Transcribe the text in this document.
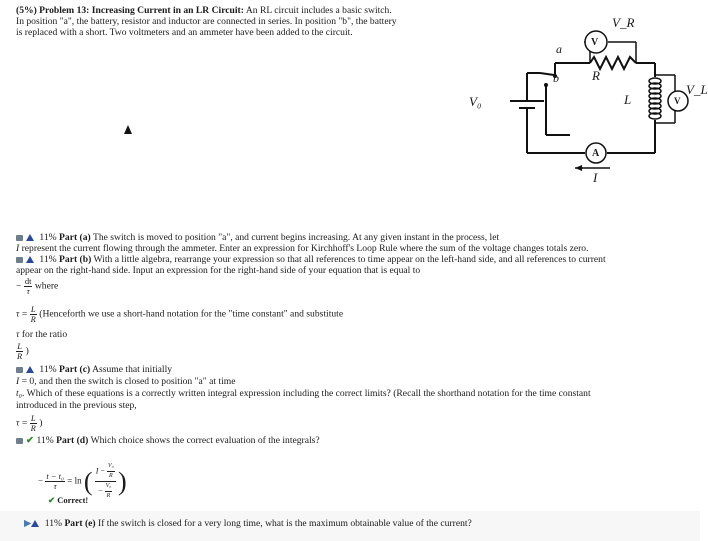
(5%) Problem 13: Increasing Current in an LR Circuit: An RL circuit includes a basic switch.
In position "a", the battery, resistor and inductor are connected in series. In position "b", the battery
is replaced with a short. Two voltmeters and an ammeter have been added to the circuit.
a
b
V₀
V_R
R
L
V_L
I
V
V
A
11% Part (a) The switch is moved to position "a", and current begins increasing. At any given instant in the process, let
I represent the current flowing through the ammeter. Enter an expression for Kirchhoff's Loop Rule where the sum of the voltage changes totals zero.
11% Part (b) With a little algebra, rearrange your expression so that all references to time appear on the left-hand side, and all references to current
appear on the right-hand side. Input an expression for the right-hand side of your equation that is equal to
− $\frac{dt}{\tau}$ where
$\tau = \frac{L}{R}$ (Henceforth we use a short-hand notation for the "time constant" and substitute
τ for the ratio
$\frac{L}{R}$ )
11% Part (c) Assume that initially
I = 0, and then the switch is closed to position "a" at time
t₀. Which of these equations is a correctly written integral expression including the correct limits? (Recall the shorthand notation for the time constant
introduced in the previous step,
$\tau = \frac{L}{R}$ )
✔ 11% Part (d) Which choice shows the correct evaluation of the integrals?
− $\frac{\text{t − t₀}}{\tau} = \ln$ ( $\frac{I - \frac{\text{V₀}}{R}}{- \frac{\text{V₀}}{R}}$ )
✔ Correct!
▶ 11% Part (e) If the switch is closed for a very long time, what is the maximum obtainable value of the current?
